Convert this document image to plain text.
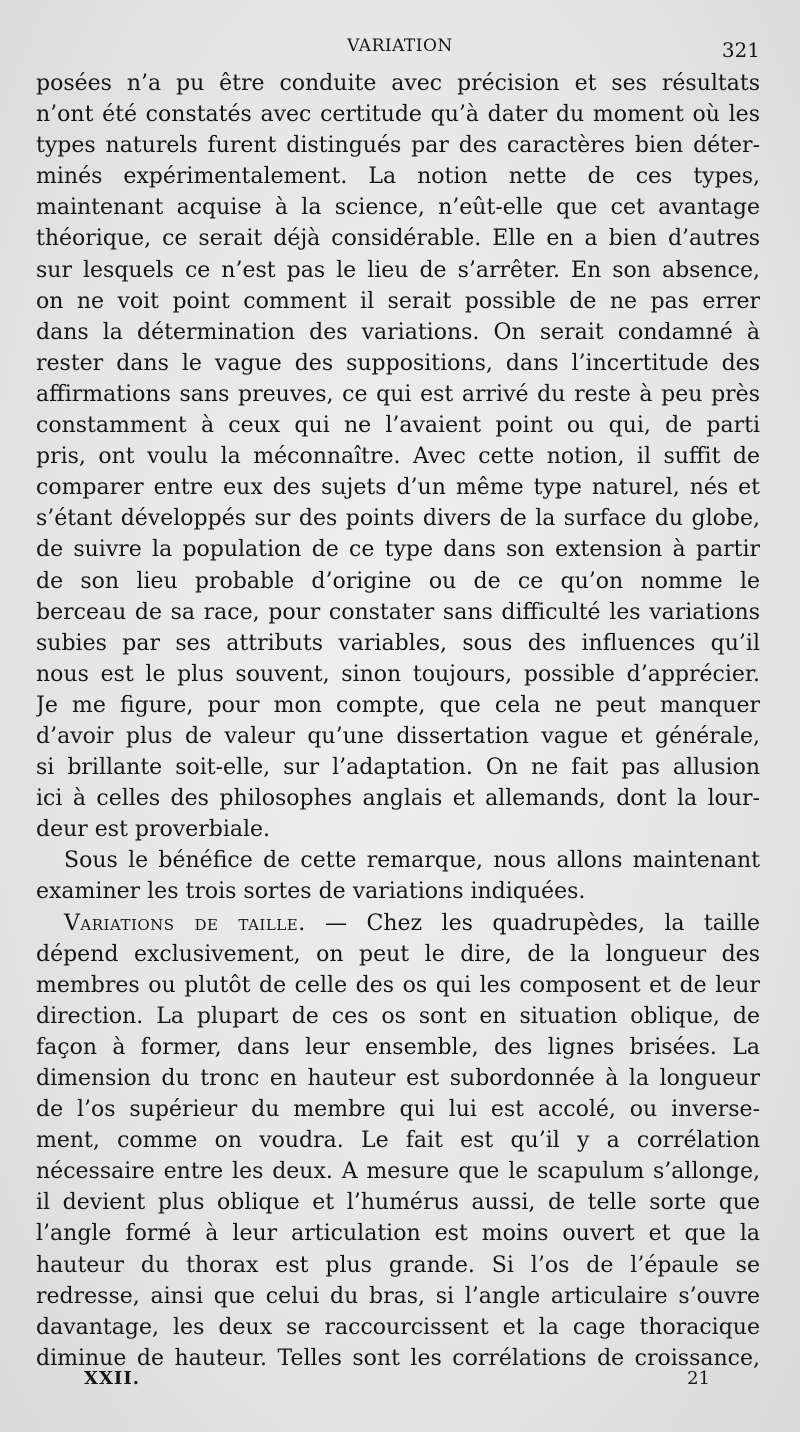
VARIATION	321
posées n’a pu être conduite avec précision et ses résultats
n’ont été constatés avec certitude qu’à dater du moment où les
types naturels furent distingués par des caractères bien déter-
minés expérimentalement. La notion nette de ces types,
maintenant acquise à la science, n’eût-elle que cet avantage
théorique, ce serait déjà considérable. Elle en a bien d’autres
sur lesquels ce n’est pas le lieu de s’arrêter. En son absence,
on ne voit point comment il serait possible de ne pas errer
dans la détermination des variations. On serait condamné à
rester dans le vague des suppositions, dans l’incertitude des
affirmations sans preuves, ce qui est arrivé du reste à peu près
constamment à ceux qui ne l’avaient point ou qui, de parti
pris, ont voulu la méconnaître. Avec cette notion, il suffit de
comparer entre eux des sujets d’un même type naturel, nés et
s’étant développés sur des points divers de la surface du globe,
de suivre la population de ce type dans son extension à partir
de son lieu probable d’origine ou de ce qu’on nomme le
berceau de sa race, pour constater sans difficulté les variations
subies par ses attributs variables, sous des influences qu’il
nous est le plus souvent, sinon toujours, possible d’apprécier.
Je me figure, pour mon compte, que cela ne peut manquer
d’avoir plus de valeur qu’une dissertation vague et générale,
si brillante soit-elle, sur l’adaptation. On ne fait pas allusion
ici à celles des philosophes anglais et allemands, dont la lour-
deur est proverbiale.
Sous le bénéfice de cette remarque, nous allons maintenant
examiner les trois sortes de variations indiquées.
Variations de taille. — Chez les quadrupèdes, la taille
dépend exclusivement, on peut le dire, de la longueur des
membres ou plutôt de celle des os qui les composent et de leur
direction. La plupart de ces os sont en situation oblique, de
façon à former, dans leur ensemble, des lignes brisées. La
dimension du tronc en hauteur est subordonnée à la longueur
de l’os supérieur du membre qui lui est accolé, ou inverse-
ment, comme on voudra. Le fait est qu’il y a corrélation
nécessaire entre les deux. A mesure que le scapulum s’allonge,
il devient plus oblique et l’humérus aussi, de telle sorte que
l’angle formé à leur articulation est moins ouvert et que la
hauteur du thorax est plus grande. Si l’os de l’épaule se
redresse, ainsi que celui du bras, si l’angle articulaire s’ouvre
davantage, les deux se raccourcissent et la cage thoracique
diminue de hauteur. Telles sont les corrélations de croissance,
XXII.	21
